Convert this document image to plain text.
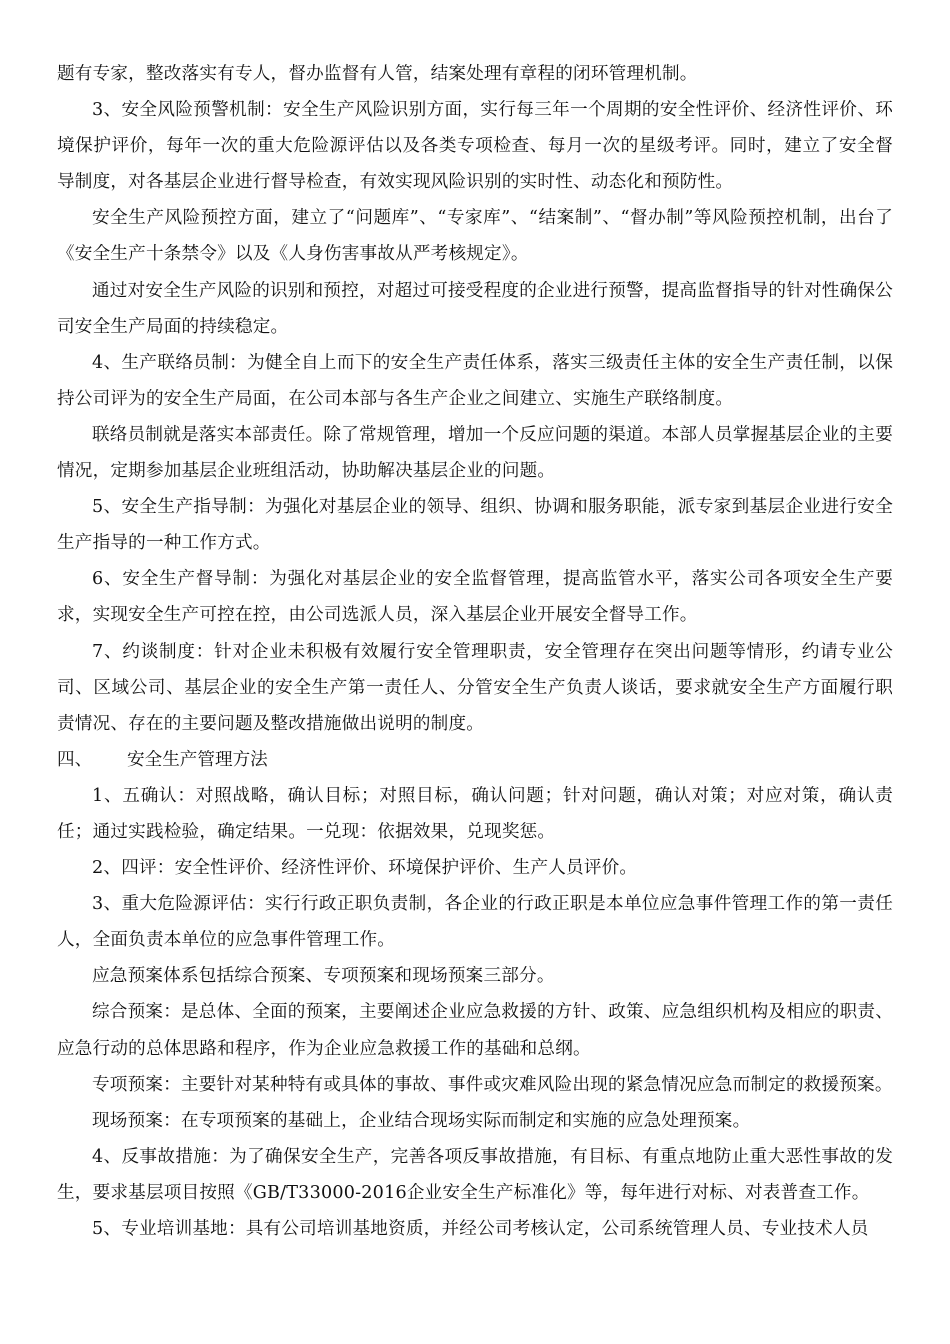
题有专家，整改落实有专人，督办监督有人管，结案处理有章程的闭环管理机制。

3、安全风险预警机制：安全生产风险识别方面，实行每三年一个周期的安全性评价、经济性评价、环境保护评价，每年一次的重大危险源评估以及各类专项检查、每月一次的星级考评。同时，建立了安全督导制度，对各基层企业进行督导检查，有效实现风险识别的实时性、动态化和预防性。

安全生产风险预控方面，建立了“问题库”、“专家库”、“结案制”、“督办制”等风险预控机制，出台了《安全生产十条禁令》以及《人身伤害事故从严考核规定》。

通过对安全生产风险的识别和预控，对超过可接受程度的企业进行预警，提高监督指导的针对性确保公司安全生产局面的持续稳定。

4、生产联络员制：为健全自上而下的安全生产责任体系，落实三级责任主体的安全生产责任制，以保持公司评为的安全生产局面，在公司本部与各生产企业之间建立、实施生产联络制度。

联络员制就是落实本部责任。除了常规管理，增加一个反应问题的渠道。本部人员掌握基层企业的主要情况，定期参加基层企业班组活动，协助解决基层企业的问题。

5、安全生产指导制：为强化对基层企业的领导、组织、协调和服务职能，派专家到基层企业进行安全生产指导的一种工作方式。

6、安全生产督导制：为强化对基层企业的安全监督管理，提高监管水平，落实公司各项安全生产要求，实现安全生产可控在控，由公司选派人员，深入基层企业开展安全督导工作。

7、约谈制度：针对企业未积极有效履行安全管理职责，安全管理存在突出问题等情形，约请专业公司、区域公司、基层企业的安全生产第一责任人、分管安全生产负责人谈话，要求就安全生产方面履行职责情况、存在的主要问题及整改措施做出说明的制度。

四、 安全生产管理方法

1、五确认：对照战略，确认目标；对照目标，确认问题；针对问题，确认对策；对应对策，确认责任；通过实践检验，确定结果。一兑现：依据效果，兑现奖惩。

2、四评：安全性评价、经济性评价、环境保护评价、生产人员评价。

3、重大危险源评估：实行行政正职负责制，各企业的行政正职是本单位应急事件管理工作的第一责任人，全面负责本单位的应急事件管理工作。

应急预案体系包括综合预案、专项预案和现场预案三部分。

综合预案：是总体、全面的预案，主要阐述企业应急救援的方针、政策、应急组织机构及相应的职责、应急行动的总体思路和程序，作为企业应急救援工作的基础和总纲。

专项预案：主要针对某种特有或具体的事故、事件或灾难风险出现的紧急情况应急而制定的救援预案。

现场预案：在专项预案的基础上，企业结合现场实际而制定和实施的应急处理预案。

4、反事故措施：为了确保安全生产，完善各项反事故措施，有目标、有重点地防止重大恶性事故的发生，要求基层项目按照《GB/T33000-2016企业安全生产标准化》等，每年进行对标、对表普查工作。

5、专业培训基地：具有公司培训基地资质，并经公司考核认定，公司系统管理人员、专业技术人员
